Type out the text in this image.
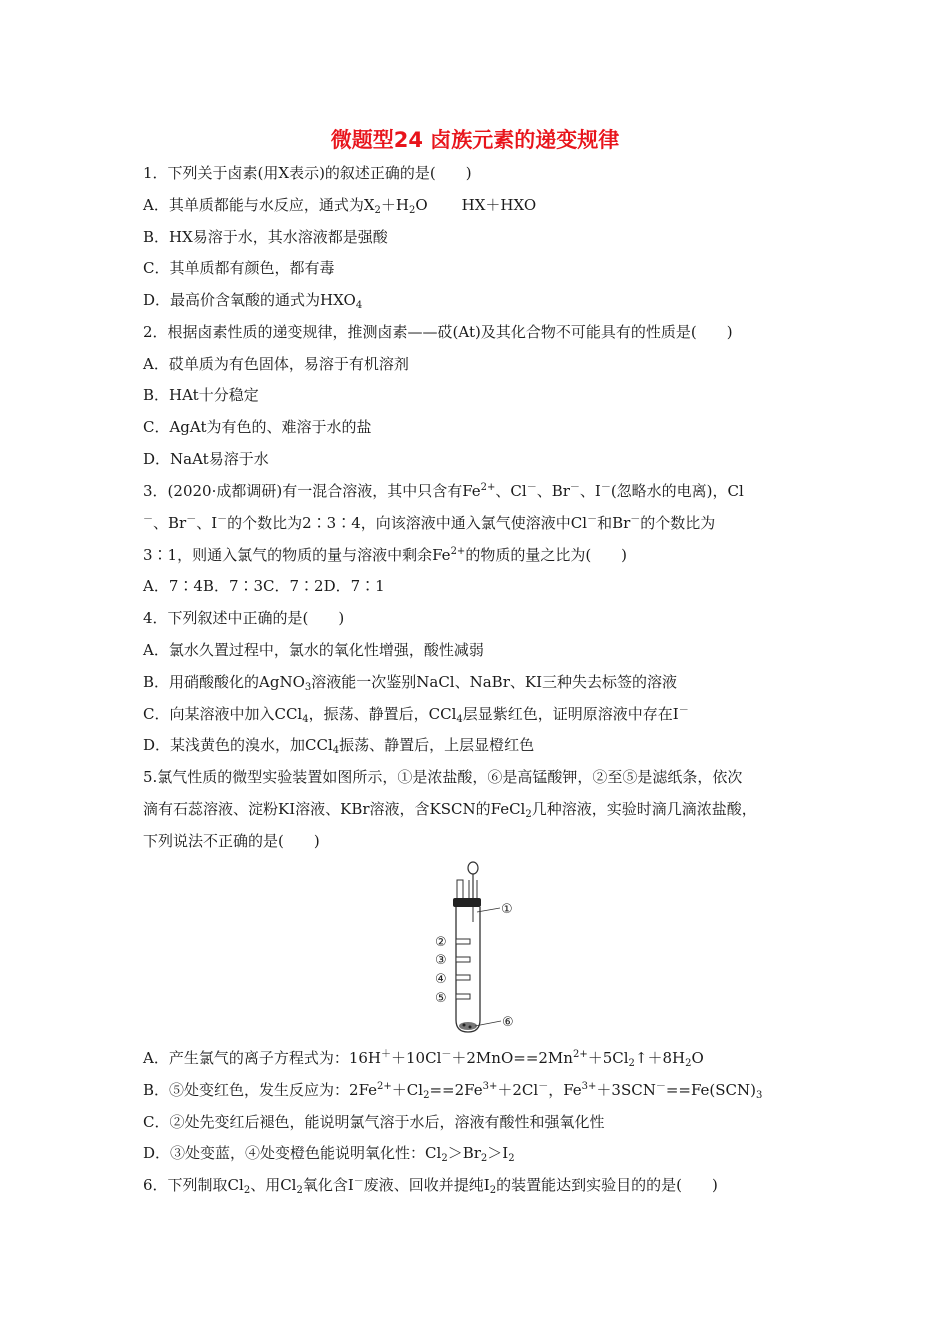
微题型24 卤族元素的递变规律
1．下列关于卤素(用X表示)的叙述正确的是(　　)
A．其单质都能与水反应，通式为$X_2+H_2O$ HX＋HXO
B．HX易溶于水，其水溶液都是强酸
C．其单质都有颜色，都有毒
D．最高价含氧酸的通式为$HXO_4$
2．根据卤素性质的递变规律，推测卤素——砹(At)及其化合物不可能具有的性质是(　　)
A．砹单质为有色固体，易溶于有机溶剂
B．HAt十分稳定
C．AgAt为有色的、难溶于水的盐
D．NaAt易溶于水
3．(2020·成都调研)有一混合溶液，其中只含有$Fe^{2+}$、Cl－、Br－、I－(忽略水的电离)，Cl
－、Br－、I－的个数比为2∶3∶4，向该溶液中通入氯气使溶液中Cl－和Br－的个数比为
3∶1，则通入氯气的物质的量与溶液中剩余$Fe^{2+}$的物质的量之比为(　　)
A．7∶4B．7∶3C．7∶2D．7∶1
4．下列叙述中正确的是(　　)
A．氯水久置过程中，氯水的氧化性增强，酸性减弱
B．用硝酸酸化的AgNO$_3$溶液能一次鉴别NaCl、NaBr、KI三种失去标签的溶液
C．向某溶液中加入CCl$_4$，振荡、静置后，CCl$_4$层显紫红色，证明原溶液中存在I－
D．某浅黄色的溴水，加CCl$_4$振荡、静置后，上层显橙红色
5.氯气性质的微型实验装置如图所示，①是浓盐酸，⑥是高锰酸钾，②至⑤是滤纸条，依次
滴有石蕊溶液、淀粉KI溶液、KBr溶液，含KSCN的FeCl$_2$几种溶液，实验时滴几滴浓盐酸，
下列说法不正确的是(　　)
①
②
③
④
⑤
⑥
A．产生氯气的离子方程式为：$16H^++10Cl^-+2MnO==2Mn^{2+}+5Cl_2↑+8H_2O$
B．⑤处变红色，发生反应为：$2Fe^{2+}+Cl_2==2Fe^{3+}+2Cl^-$，$Fe^{3+}+3SCN^-==Fe(SCN)_3$
C．②处先变红后褪色，能说明氯气溶于水后，溶液有酸性和强氧化性
D．③处变蓝，④处变橙色能说明氧化性：$Cl_2>Br_2>I_2$
6．下列制取$Cl_2$、用$Cl_2$氧化含I－废液、回收并提纯$I_2$的装置能达到实验目的的是(　　)
